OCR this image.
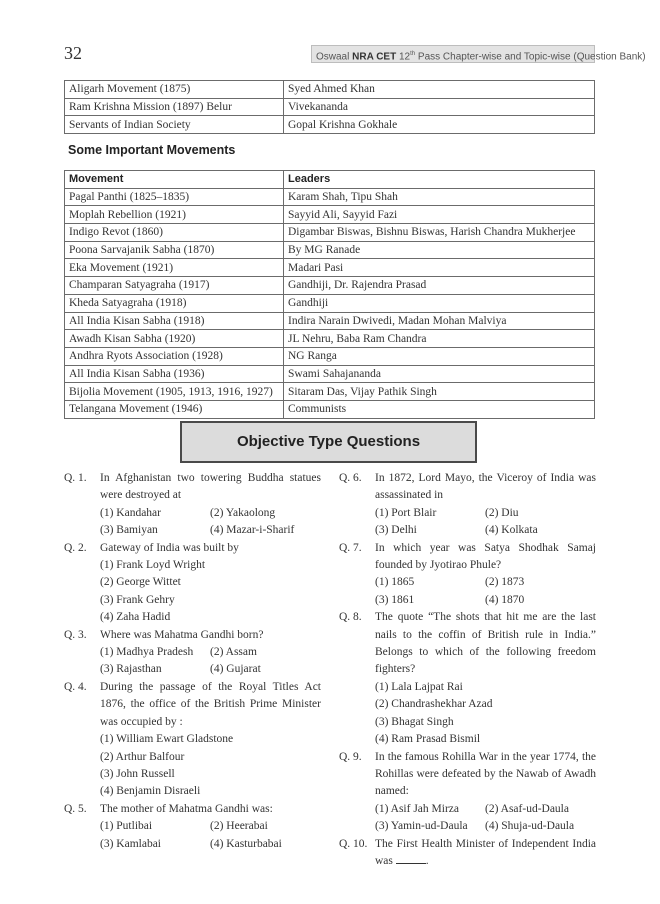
32	Oswaal NRA CET 12th Pass Chapter-wise and Topic-wise (Question Bank)
Aligarh Movement (1875)	Syed Ahmed Khan
Ram Krishna Mission (1897) Belur	Vivekananda
Servants of Indian Society	Gopal Krishna Gokhale
Some Important Movements
Movement	Leaders
Pagal Panthi (1825–1835)	Karam Shah, Tipu Shah
Moplah Rebellion (1921)	Sayyid Ali, Sayyid Fazi
Indigo Revot (1860)	Digambar Biswas, Bishnu Biswas, Harish Chandra Mukherjee
Poona Sarvajanik Sabha (1870)	By MG Ranade
Eka Movement (1921)	Madari Pasi
Champaran Satyagraha (1917)	Gandhiji, Dr. Rajendra Prasad
Kheda Satyagraha (1918)	Gandhiji
All India Kisan Sabha (1918)	Indira Narain Dwivedi, Madan Mohan Malviya
Awadh Kisan Sabha (1920)	JL Nehru, Baba Ram Chandra
Andhra Ryots Association (1928)	NG Ranga
All India Kisan Sabha (1936)	Swami Sahajananda
Bijolia Movement (1905, 1913, 1916, 1927)	Sitaram Das, Vijay Pathik Singh
Telangana Movement (1946)	Communists
Objective Type Questions
Q. 1.	In Afghanistan two towering Buddha statues were destroyed at
(1) Kandahar	(2) Yakaolong
(3) Bamiyan	(4) Mazar-i-Sharif
Q. 2.	Gateway of India was built by
(1) Frank Loyd Wright
(2) George Wittet
(3) Frank Gehry
(4) Zaha Hadid
Q. 3.	Where was Mahatma Gandhi born?
(1) Madhya Pradesh	(2) Assam
(3) Rajasthan	(4) Gujarat
Q. 4.	During the passage of the Royal Titles Act 1876, the office of the British Prime Minister was occupied by :
(1) William Ewart Gladstone
(2) Arthur Balfour
(3) John Russell
(4) Benjamin Disraeli
Q. 5.	The mother of Mahatma Gandhi was:
(1) Putlibai	(2) Heerabai
(3) Kamlabai	(4) Kasturbabai
Q. 6.	In 1872, Lord Mayo, the Viceroy of India was assassinated in
(1) Port Blair	(2) Diu
(3) Delhi	(4) Kolkata
Q. 7.	In which year was Satya Shodhak Samaj founded by Jyotirao Phule?
(1) 1865	(2) 1873
(3) 1861	(4) 1870
Q. 8.	The quote “The shots that hit me are the last nails to the coffin of British rule in India.” Belongs to which of the following freedom fighters?
(1) Lala Lajpat Rai
(2) Chandrashekhar Azad
(3) Bhagat Singh
(4) Ram Prasad Bismil
Q. 9.	In the famous Rohilla War in the year 1774, the Rohillas were defeated by the Nawab of Awadh named:
(1) Asif Jah Mirza	(2) Asaf-ud-Daula
(3) Yamin-ud-Daula	(4) Shuja-ud-Daula
Q. 10. The First Health Minister of Independent India was	.
